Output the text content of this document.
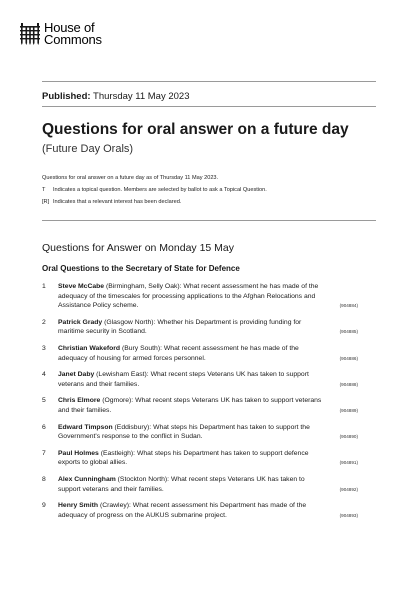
House of
Commons
Published: Thursday 11 May 2023
Questions for oral answer on a future day
(Future Day Orals)
Questions for oral answer on a future day as of Thursday 11 May 2023.
T	Indicates a topical question. Members are selected by ballot to ask a Topical Question.
[R] Indicates that a relevant interest has been declared.
Questions for Answer on Monday 15 May
Oral Questions to the Secretary of State for Defence
1	Steve McCabe (Birmingham, Selly Oak): What recent assessment he has made of the adequacy of the timescales for processing applications to the Afghan Relocations and Assistance Policy scheme.	(904884)
2	Patrick Grady (Glasgow North): Whether his Department is providing funding for maritime security in Scotland.	(904885)
3	Christian Wakeford (Bury South): What recent assessment he has made of the adequacy of housing for armed forces personnel.	(904886)
4	Janet Daby (Lewisham East): What recent steps Veterans UK has taken to support veterans and their families.	(904888)
5	Chris Elmore (Ogmore): What recent steps Veterans UK has taken to support veterans and their families.	(904889)
6	Edward Timpson (Eddisbury): What steps his Department has taken to support the Government's response to the conflict in Sudan.	(904890)
7	Paul Holmes (Eastleigh): What steps his Department has taken to support defence exports to global allies.	(904891)
8	Alex Cunningham (Stockton North): What recent steps Veterans UK has taken to support veterans and their families.	(904892)
9	Henry Smith (Crawley): What recent assessment his Department has made of the adequacy of progress on the AUKUS submarine project.	(904893)
